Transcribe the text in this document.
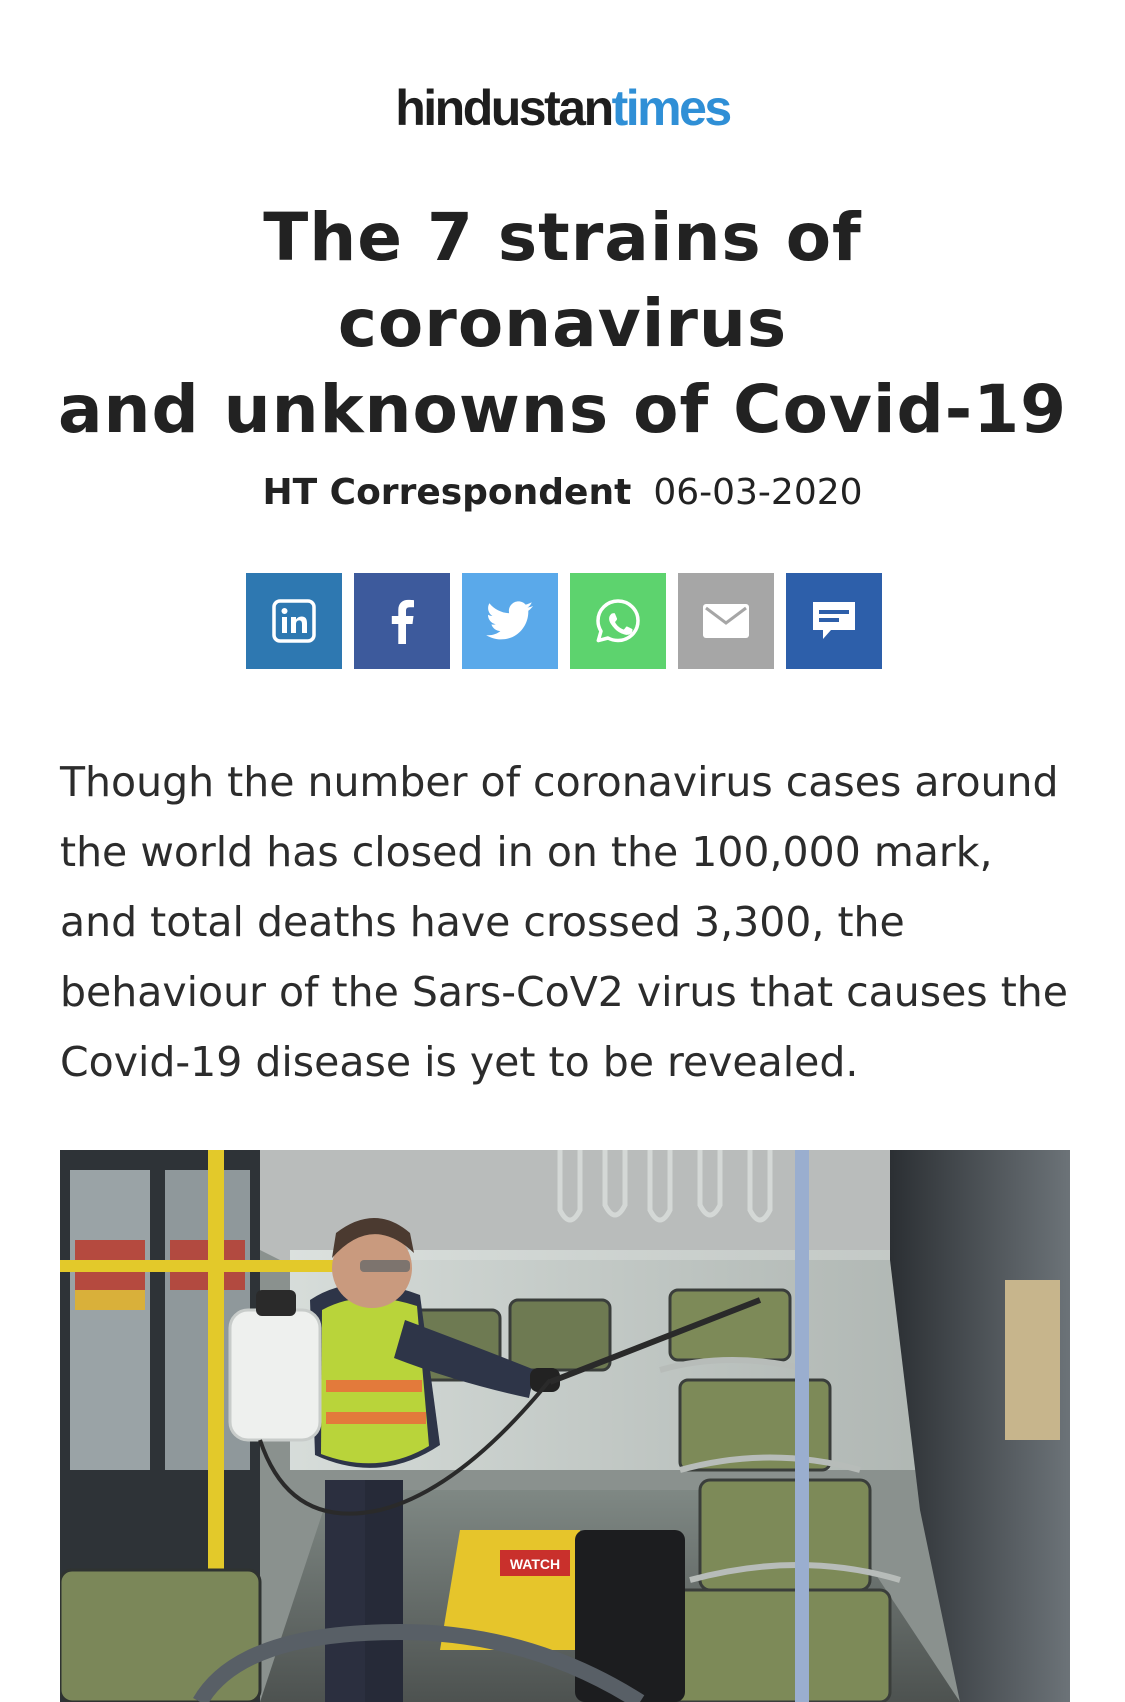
hindustantimes
The 7 strains of coronavirus
and unknowns of Covid-19
HT Correspondent 06-03-2020

Though the number of coronavirus cases around the world has closed in on the 100,000 mark, and total deaths have crossed 3,300, the behaviour of the Sars-CoV2 virus that causes the Covid-19 disease is yet to be revealed.

WATCH
